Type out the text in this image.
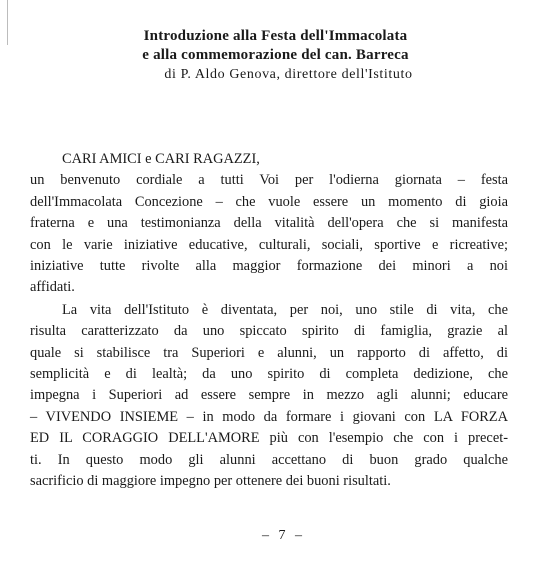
Introduzione alla Festa dell'Immacolata
e alla commemorazione del can. Barreca
di P. Aldo Genova, direttore dell'Istituto
CARI AMICI e CARI RAGAZZI,
un benvenuto cordiale a tutti Voi per l'odierna giornata – festa
dell'Immacolata Concezione – che vuole essere un momento di gioia
fraterna e una testimonianza della vitalità dell'opera che si manifesta
con le varie iniziative educative, culturali, sociali, sportive e ricreative;
iniziative tutte rivolte alla maggior formazione dei minori a noi
affidati.
La vita dell'Istituto è diventata, per noi, uno stile di vita, che
risulta caratterizzato da uno spiccato spirito di famiglia, grazie al
quale si stabilisce tra Superiori e alunni, un rapporto di affetto, di
semplicità e di lealtà; da uno spirito di completa dedizione, che
impegna i Superiori ad essere sempre in mezzo agli alunni; educare
– VIVENDO INSIEME – in modo da formare i giovani con LA FORZA
ED IL CORAGGIO DELL'AMORE più con l'esempio che con i precet-
ti. In questo modo gli alunni accettano di buon grado qualche
sacrificio di maggiore impegno per ottenere dei buoni risultati.
– 7 –
